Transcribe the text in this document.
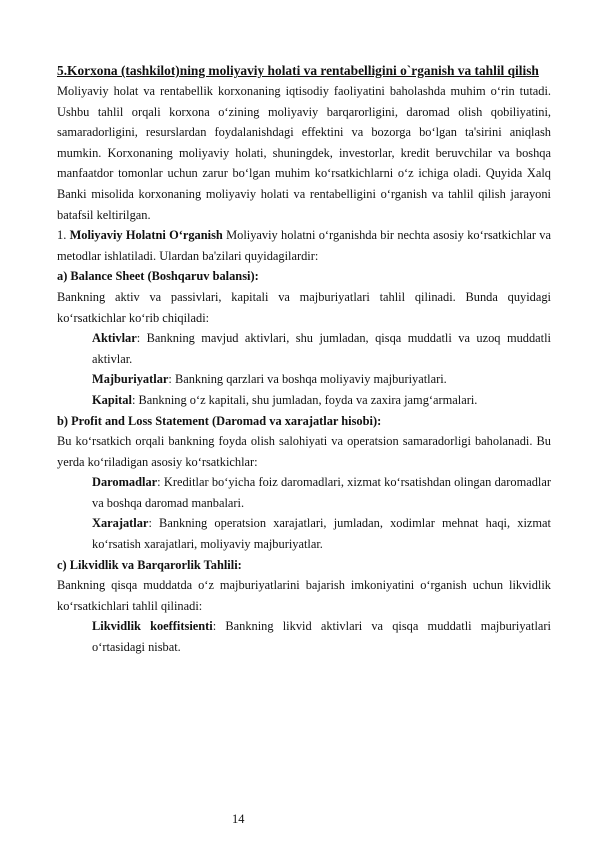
5.Korxona (tashkilot)ning moliyaviy holati va rentabelligini o`rganish va tahlil qilish

Moliyaviy holat va rentabellik korxonaning iqtisodiy faoliyatini baholashda muhim o‘rin tutadi. Ushbu tahlil orqali korxona o‘zining moliyaviy barqarorligini, daromad olish qobiliyatini, samaradorligini, resurslardan foydalanishdagi effektini va bozorga bo‘lgan ta'sirini aniqlash mumkin. Korxonaning moliyaviy holati, shuningdek, investorlar, kredit beruvchilar va boshqa manfaatdor tomonlar uchun zarur bo‘lgan muhim ko‘rsatkichlarni o‘z ichiga oladi. Quyida Xalq Banki misolida korxonaning moliyaviy holati va rentabelligini o‘rganish va tahlil qilish jarayoni batafsil keltirilgan.

1. Moliyaviy Holatni O‘rganish Moliyaviy holatni o‘rganishda bir nechta asosiy ko‘rsatkichlar va metodlar ishlatiladi. Ulardan ba'zilari quyidagilardir:

a) Balance Sheet (Boshqaruv balansi):

Bankning aktiv va passivlari, kapitali va majburiyatlari tahlil qilinadi. Bunda quyidagi ko‘rsatkichlar ko‘rib chiqiladi:

Aktivlar: Bankning mavjud aktivlari, shu jumladan, qisqa muddatli va uzoq muddatli aktivlar.

Majburiyatlar: Bankning qarzlari va boshqa moliyaviy majburiyatlari.

Kapital: Bankning o‘z kapitali, shu jumladan, foyda va zaxira jamg‘armalari.

b) Profit and Loss Statement (Daromad va xarajatlar hisobi):

Bu ko‘rsatkich orqali bankning foyda olish salohiyati va operatsion samaradorligi baholanadi. Bu yerda ko‘riladigan asosiy ko‘rsatkichlar:

Daromadlar: Kreditlar bo‘yicha foiz daromadlari, xizmat ko‘rsatishdan olingan daromadlar va boshqa daromad manbalari.

Xarajatlar: Bankning operatsion xarajatlari, jumladan, xodimlar mehnat haqi, xizmat ko‘rsatish xarajatlari, moliyaviy majburiyatlar.

c) Likvidlik va Barqarorlik Tahlili:

Bankning qisqa muddatda o‘z majburiyatlarini bajarish imkoniyatini o‘rganish uchun likvidlik ko‘rsatkichlari tahlil qilinadi:

Likvidlik koeffitsienti: Bankning likvid aktivlari va qisqa muddatli majburiyatlari o‘rtasidagi nisbat.

14
